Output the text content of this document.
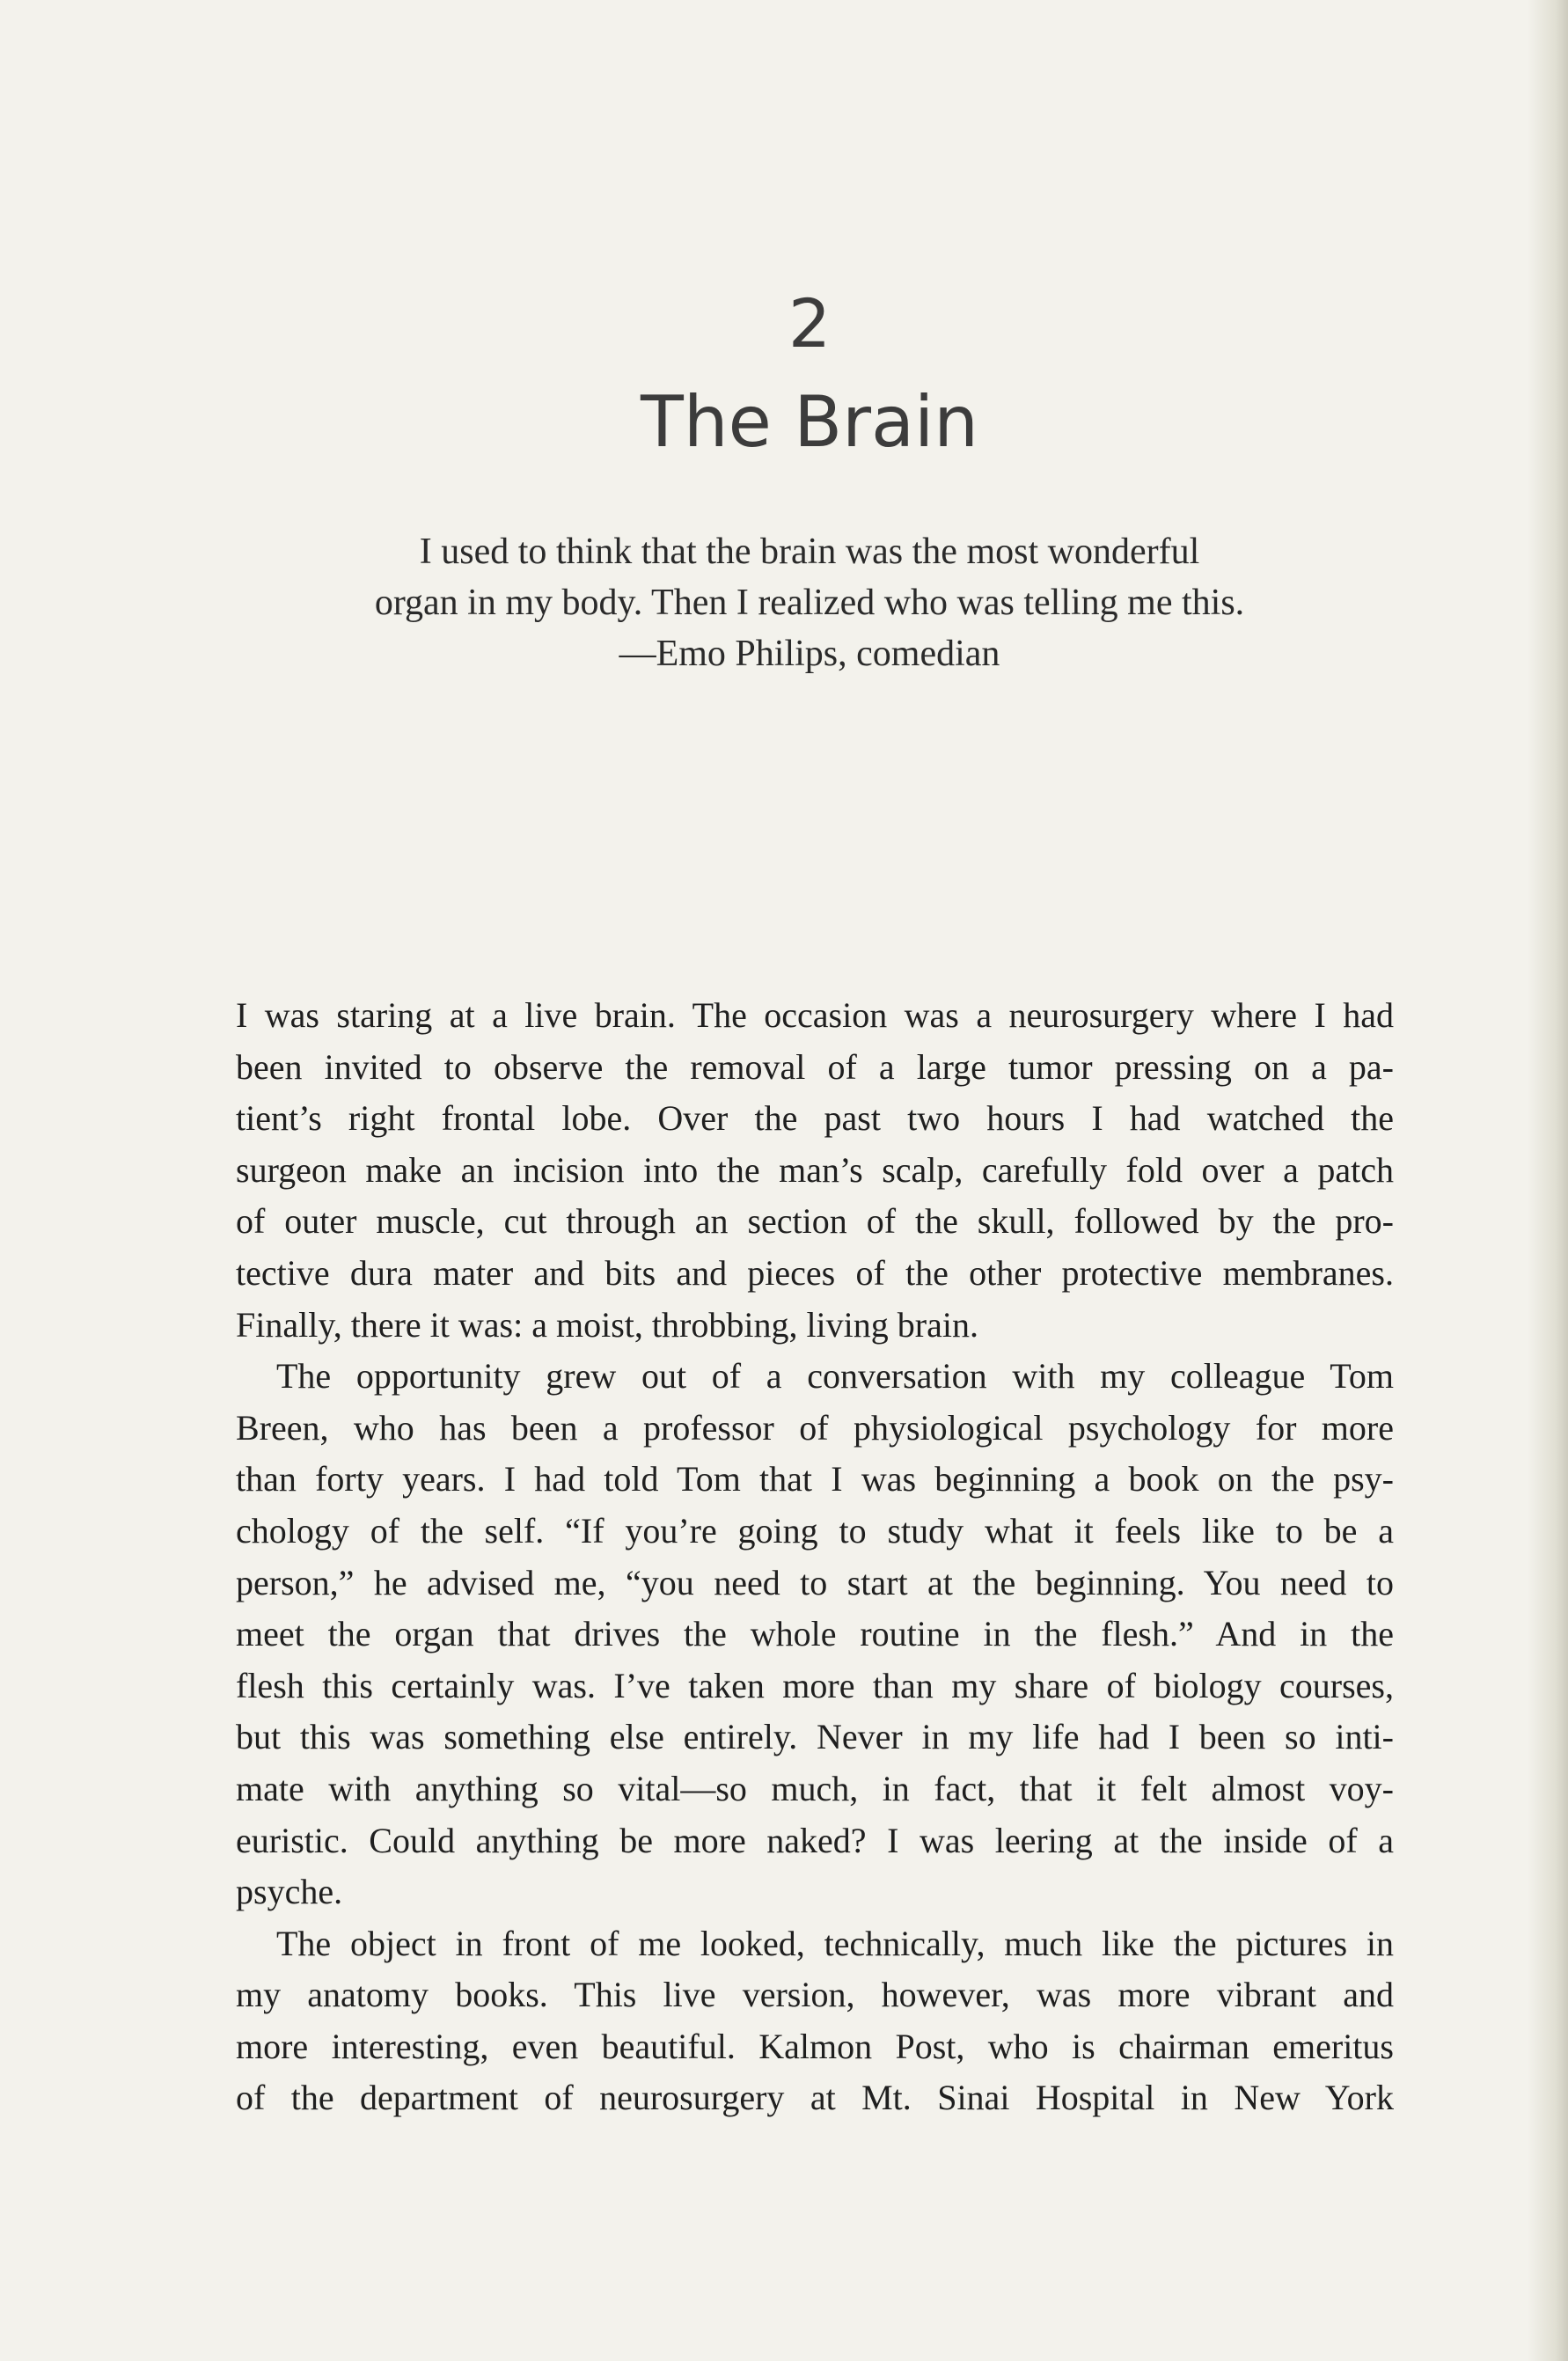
2
The Brain
I used to think that the brain was the most wonderful
organ in my body. Then I realized who was telling me this.
—Emo Philips, comedian
I was staring at a live brain. The occasion was a neurosurgery where I had
been invited to observe the removal of a large tumor pressing on a pa-
tient’s right frontal lobe. Over the past two hours I had watched the
surgeon make an incision into the man’s scalp, carefully fold over a patch
of outer muscle, cut through an section of the skull, followed by the pro-
tective dura mater and bits and pieces of the other protective membranes.
Finally, there it was: a moist, throbbing, living brain.
The opportunity grew out of a conversation with my colleague Tom
Breen, who has been a professor of physiological psychology for more
than forty years. I had told Tom that I was beginning a book on the psy-
chology of the self. “If you’re going to study what it feels like to be a
person,” he advised me, “you need to start at the beginning. You need to
meet the organ that drives the whole routine in the flesh.” And in the
flesh this certainly was. I’ve taken more than my share of biology courses,
but this was something else entirely. Never in my life had I been so inti-
mate with anything so vital—so much, in fact, that it felt almost voy-
euristic. Could anything be more naked? I was leering at the inside of a
psyche.
The object in front of me looked, technically, much like the pictures in
my anatomy books. This live version, however, was more vibrant and
more interesting, even beautiful. Kalmon Post, who is chairman emeritus
of the department of neurosurgery at Mt. Sinai Hospital in New York
